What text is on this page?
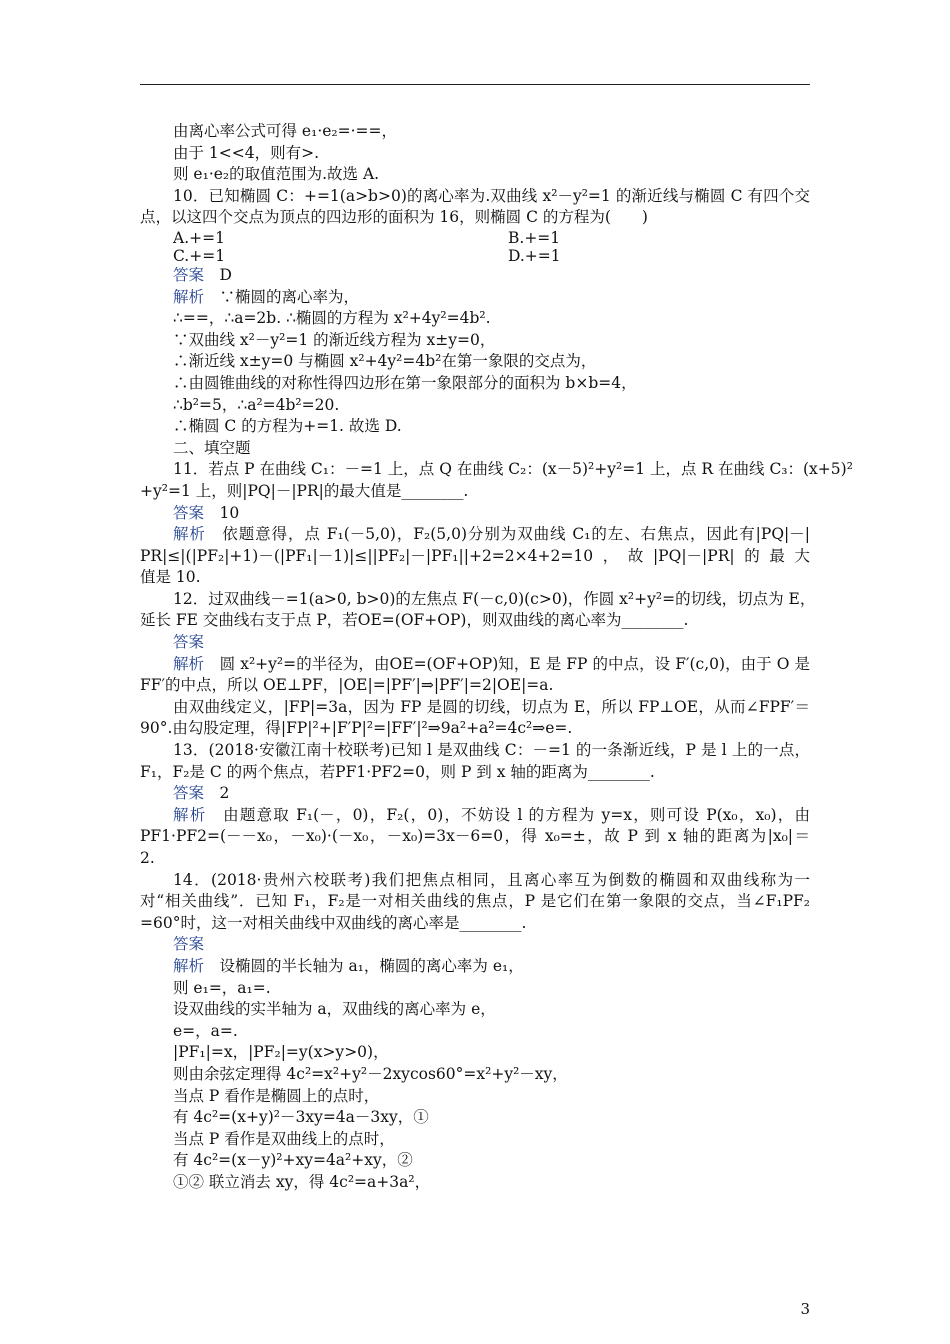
由离心率公式可得 e₁·e₂=·==，
由于 1<<4，则有>.
则 e₁·e₂的取值范围为.故选 A.
10．已知椭圆 C：+=1(a>b>0)的离心率为.双曲线 x²－y²=1 的渐近线与椭圆 C 有四个交
点，以这四个交点为顶点的四边形的面积为 16，则椭圆 C 的方程为(　　)
A.+=1	B.+=1
C.+=1	D.+=1
答案　D
解析　∵椭圆的离心率为，
∴==，∴a=2b. ∴椭圆的方程为 x²+4y²=4b².
∵双曲线 x²－y²=1 的渐近线方程为 x±y=0，
∴渐近线 x±y=0 与椭圆 x²+4y²=4b²在第一象限的交点为，
∴由圆锥曲线的对称性得四边形在第一象限部分的面积为 b×b=4，
∴b²=5，∴a²=4b²=20.
∴椭圆 C 的方程为+=1. 故选 D.
二、填空题
11．若点 P 在曲线 C₁：－=1 上，点 Q 在曲线 C₂：(x－5)²+y²=1 上，点 R 在曲线 C₃：(x+5)²
+y²=1 上，则|PQ|－|PR|的最大值是________.
答案　10
解析　依题意得，点 F₁(－5,0)，F₂(5,0)分别为双曲线 C₁的左、右焦点，因此有|PQ|－|
PR|≤|(|PF₂|+1)－(|PF₁|－1)|≤||PF₂|－|PF₁||+2=2×4+2=10，故|PQ|－|PR|的最大
值是 10.
12．过双曲线－=1(a>0, b>0)的左焦点 F(－c,0)(c>0)，作圆 x²+y²=的切线，切点为 E，
延长 FE 交曲线右支于点 P，若OE=(OF+OP)，则双曲线的离心率为________.
答案
解析　圆 x²+y²=的半径为，由OE=(OF+OP)知，E 是 FP 的中点，设 F′(c,0)，由于 O 是
FF′的中点，所以 OE⊥PF，|OE|=|PF′|⇒|PF′|=2|OE|=a.
由双曲线定义，|FP|=3a，因为 FP 是圆的切线，切点为 E，所以 FP⊥OE，从而∠FPF′＝
90°.由勾股定理，得|FP|²+|F′P|²=|FF′|²⇒9a²+a²=4c²⇒e=.
13．(2018·安徽江南十校联考)已知 l 是双曲线 C：－=1 的一条渐近线，P 是 l 上的一点，
F₁，F₂是 C 的两个焦点，若PF1·PF2=0，则 P 到 x 轴的距离为________.
答案　2
解析　由题意取 F₁(－，0)，F₂(，0)，不妨设 l 的方程为 y=x，则可设 P(x₀，x₀)，由
PF1·PF2=(－－x₀，－x₀)·(－x₀，－x₀)=3x－6=0，得 x₀=±，故 P 到 x 轴的距离为|x₀|＝
2.
14．(2018·贵州六校联考)我们把焦点相同，且离心率互为倒数的椭圆和双曲线称为一
对“相关曲线”．已知 F₁，F₂是一对相关曲线的焦点，P 是它们在第一象限的交点，当∠F₁PF₂
=60°时，这一对相关曲线中双曲线的离心率是________.
答案
解析　设椭圆的半长轴为 a₁，椭圆的离心率为 e₁，
则 e₁=，a₁=.
设双曲线的实半轴为 a，双曲线的离心率为 e，
e=，a=.
|PF₁|=x，|PF₂|=y(x>y>0)，
则由余弦定理得 4c²=x²+y²－2xycos60°=x²+y²－xy，
当点 P 看作是椭圆上的点时，
有 4c²=(x+y)²－3xy=4a－3xy，①
当点 P 看作是双曲线上的点时，
有 4c²=(x－y)²+xy=4a²+xy，②
①② 联立消去 xy，得 4c²=a+3a²，
3
